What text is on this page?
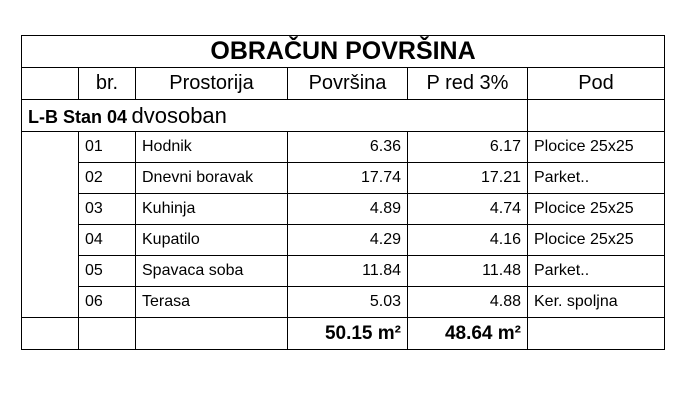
OBRAČUN POVRŠINA					
	br.	Prostorija	Površina	P red 3%	Pod
L-B Stan 04 dvosoban					
	01	Hodnik	6.36	6.17	Plocice 25x25
	02	Dnevni boravak	17.74	17.21	Parket..
	03	Kuhinja	4.89	4.74	Plocice 25x25
	04	Kupatilo	4.29	4.16	Plocice 25x25
	05	Spavaca soba	11.84	11.48	Parket..
	06	Terasa	5.03	4.88	Ker. spoljna
			50.15 m²	48.64 m²	
